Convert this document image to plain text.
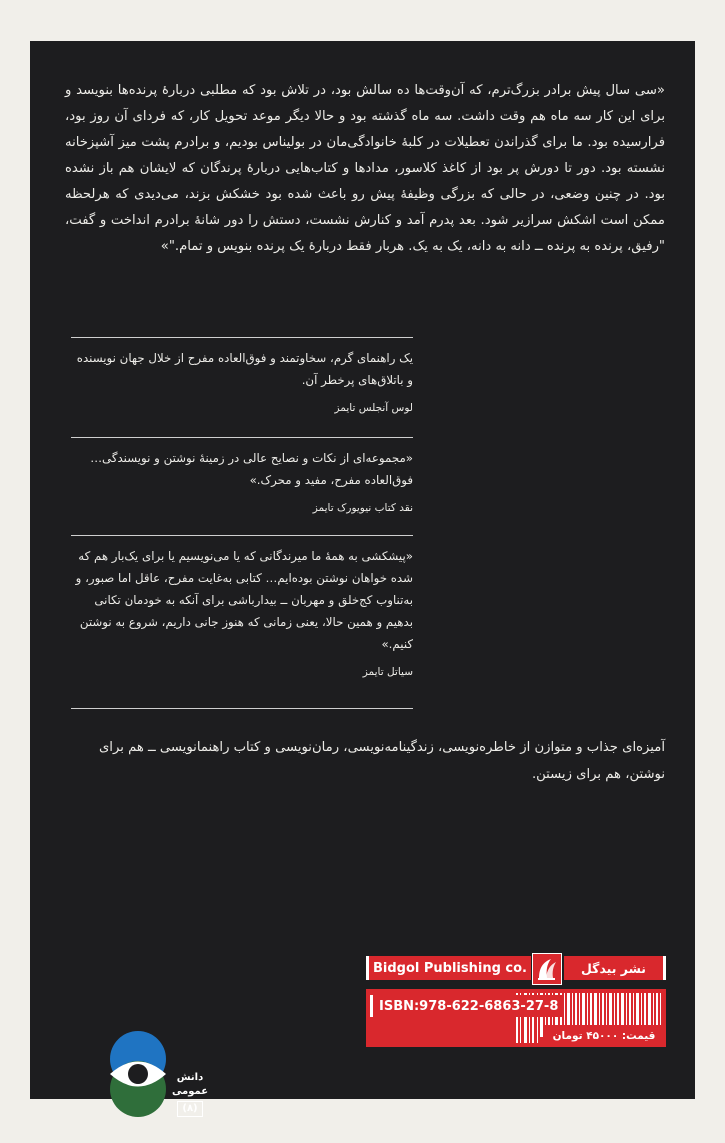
«سی سال پیش برادر بزرگ‌ترم، که آن‌وقت‌ها ده سالش بود، در تلاش بود که مطلبی دربارهٔ پرنده‌ها بنویسد و برای این کار سه ماه هم وقت داشت. سه ماه گذشته بود و حالا دیگر موعد تحویل کار، که فردای آن روز بود، فرارسیده بود. ما برای گذراندن تعطیلات در کلبهٔ خانوادگی‌مان در بولیناس بودیم، و برادرم پشت میز آشپزخانه نشسته بود. دور تا دورش پر بود از کاغذ کلاسور، مدادها و کتاب‌هایی دربارهٔ پرندگان که لایشان هم باز نشده بود. در چنین وضعی، در حالی که بزرگی وظیفهٔ پیش رو باعث شده بود خشکش بزند، می‌دیدی که هرلحظه ممکن است اشکش سرازیر شود. بعد پدرم آمد و کنارش نشست، دستش را دور شانهٔ برادرم انداخت و گفت، "رفیق، پرنده به پرنده ــ دانه به دانه، یک به یک. هربار فقط دربارهٔ یک پرنده بنویس و تمام."»
یک راهنمای گرم، سخاوتمند و فوق‌العاده مفرح از خلال جهان نویسنده و باتلاق‌های پرخطر آن.
لوس آنجلس تایمز
«مجموعه‌ای از نکات و نصایح عالی در زمینهٔ نوشتن و نویسندگی… فوق‌العاده مفرح، مفید و محرک.»
نقد کتاب نیویورک تایمز
«پیشکشی به همهٔ ما میرندگانی که یا می‌نویسیم یا برای یک‌بار هم که شده خواهان نوشتن بوده‌ایم… کتابی به‌غایت مفرح، عاقل اما صبور، و به‌تناوب کج‌خلق و مهربان ــ بیدارباشی برای آنکه به خودمان تکانی بدهیم و همین حالا، یعنی زمانی که هنوز جانی داریم، شروع به نوشتن کنیم.»
سیاتل تایمز
آمیزه‌ای جذاب و متوازن از خاطره‌نویسی، زندگینامه‌نویسی، رمان‌نویسی و کتاب راهنمانویسی ــ هم برای نوشتن، هم برای زیستن.
Bidgol Publishing co.	نشر بیدگل
ISBN:978-622-6863-27-8
قیمت: ۴۵۰۰۰ تومان
دانش عمومی
(۸)
